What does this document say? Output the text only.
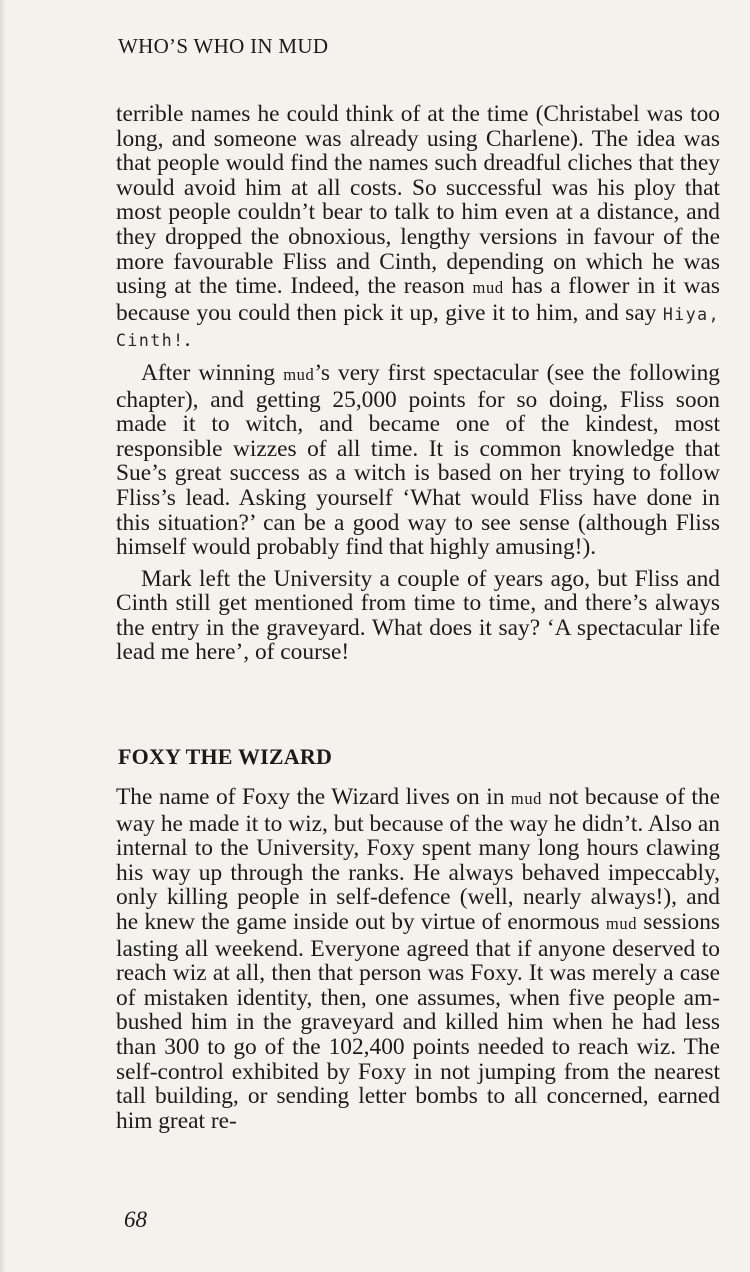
WHO’S WHO IN MUD

terrible names he could think of at the time (Christabel was too long, and someone was already using Charlene). The idea was that people would find the names such dreadful cliches that they would avoid him at all costs. So successful was his ploy that most people couldn’t bear to talk to him even at a distance, and they dropped the obnoxious, lengthy versions in favour of the more favourable Fliss and Cinth, depending on which he was using at the time. Indeed, the reason mud has a flower in it was because you could then pick it up, give it to him, and say Hiya, Cinth!.

After winning mud’s very first spectacular (see the following chapter), and getting 25,000 points for so doing, Fliss soon made it to witch, and became one of the kindest, most responsible wizzes of all time. It is common knowledge that Sue’s great success as a witch is based on her trying to follow Fliss’s lead. Asking yourself ‘What would Fliss have done in this situation?’ can be a good way to see sense (although Fliss himself would probably find that highly amusing!).

Mark left the University a couple of years ago, but Fliss and Cinth still get mentioned from time to time, and there’s always the entry in the graveyard. What does it say? ‘A spectacular life lead me here’, of course!

FOXY THE WIZARD

The name of Foxy the Wizard lives on in mud not because of the way he made it to wiz, but because of the way he didn’t. Also an internal to the University, Foxy spent many long hours clawing his way up through the ranks. He always behaved impeccably, only killing people in self-defence (well, nearly always!), and he knew the game inside out by virtue of enormous mud sessions lasting all weekend. Everyone agreed that if anyone deserved to reach wiz at all, then that person was Foxy. It was merely a case of mistaken identity, then, one assumes, when five people ambushed him in the graveyard and killed him when he had less than 300 to go of the 102,400 points needed to reach wiz. The self-control exhibited by Foxy in not jumping from the nearest tall building, or sending letter bombs to all concerned, earned him great re-

68
